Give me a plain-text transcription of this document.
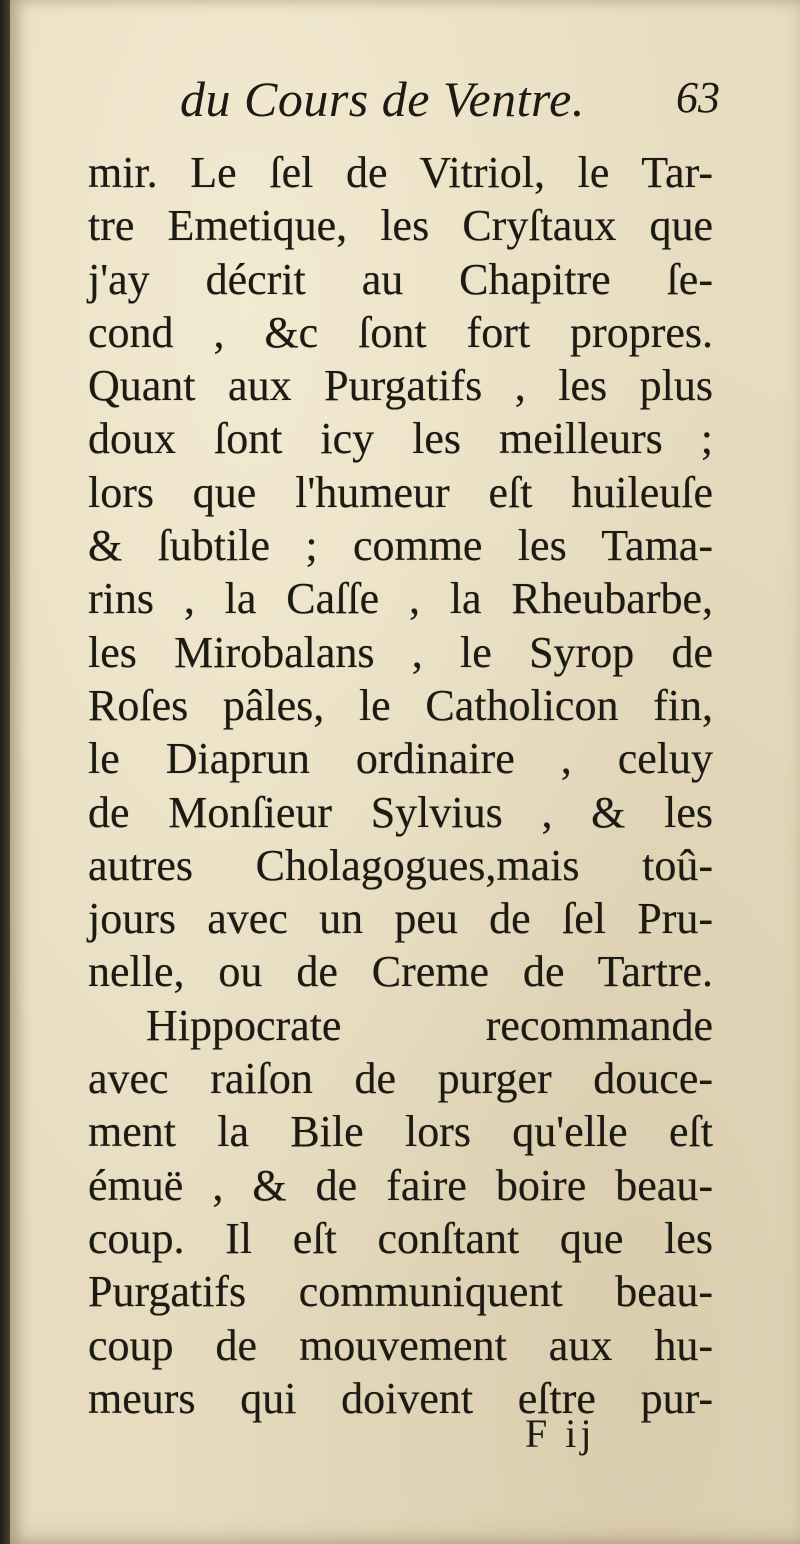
du Cours de Ventre. 63
mir. Le ſel de Vitriol, le Tar-
tre Emetique, les Cryſtaux que
j'ay décrit au Chapitre ſe-
cond , &c ſont fort propres.
Quant aux Purgatifs , les plus
doux ſont icy les meilleurs ;
lors que l'humeur eſt huileuſe
& ſubtile ; comme les Tama-
rins , la Caſſe , la Rheubarbe,
les Mirobalans , le Syrop de
Roſes pâles, le Catholicon fin,
le Diaprun ordinaire , celuy
de Monſieur Sylvius , & les
autres Cholagogues,mais toû-
jours avec un peu de ſel Pru-
nelle, ou de Creme de Tartre.
Hippocrate recommande
avec raiſon de purger douce-
ment la Bile lors qu'elle eſt
émuë , & de faire boire beau-
coup. Il eſt conſtant que les
Purgatifs communiquent beau-
coup de mouvement aux hu-
meurs qui doivent eſtre pur-
F ij
